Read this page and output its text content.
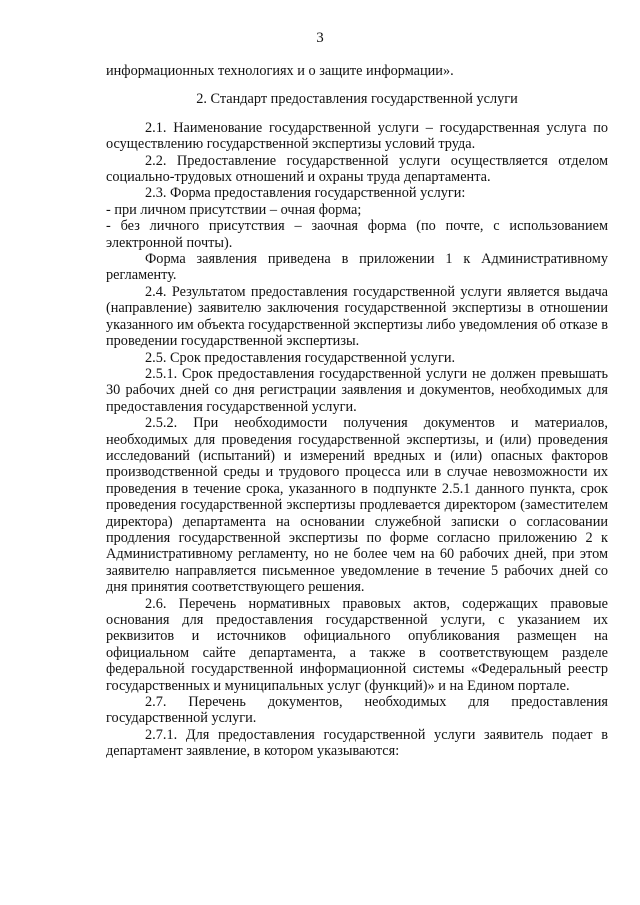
3

информационных технологиях и о защите информации».

2. Стандарт предоставления государственной услуги

2.1. Наименование государственной услуги – государственная услуга по осуществлению государственной экспертизы условий труда.

2.2. Предоставление государственной услуги осуществляется отделом социально-трудовых отношений и охраны труда департамента.

2.3. Форма предоставления государственной услуги:

- при личном присутствии – очная форма;

- без личного присутствия – заочная форма (по почте, с использованием электронной почты).

Форма заявления приведена в приложении 1 к Административному регламенту.

2.4. Результатом предоставления государственной услуги является выдача (направление) заявителю заключения государственной экспертизы в отношении указанного им объекта государственной экспертизы либо уведомления об отказе в проведении государственной экспертизы.

2.5. Срок предоставления государственной услуги.

2.5.1. Срок предоставления государственной услуги не должен превышать 30 рабочих дней со дня регистрации заявления и документов, необходимых для предоставления государственной услуги.

2.5.2. При необходимости получения документов и материалов, необходимых для проведения государственной экспертизы, и (или) проведения исследований (испытаний) и измерений вредных и (или) опасных факторов производственной среды и трудового процесса или в случае невозможности их проведения в течение срока, указанного в подпункте 2.5.1 данного пункта, срок проведения государственной экспертизы продлевается директором (заместителем директора) департамента на основании служебной записки о согласовании продления государственной экспертизы по форме согласно приложению 2 к Административному регламенту, но не более чем на 60 рабочих дней, при этом заявителю направляется письменное уведомление в течение 5 рабочих дней со дня принятия соответствующего решения.

2.6. Перечень нормативных правовых актов, содержащих правовые основания для предоставления государственной услуги, с указанием их реквизитов и источников официального опубликования размещен на официальном сайте департамента, а также в соответствующем разделе федеральной государственной информационной системы «Федеральный реестр государственных и муниципальных услуг (функций)» и на Едином портале.

2.7. Перечень документов, необходимых для предоставления государственной услуги.

2.7.1. Для предоставления государственной услуги заявитель подает в департамент заявление, в котором указываются:
